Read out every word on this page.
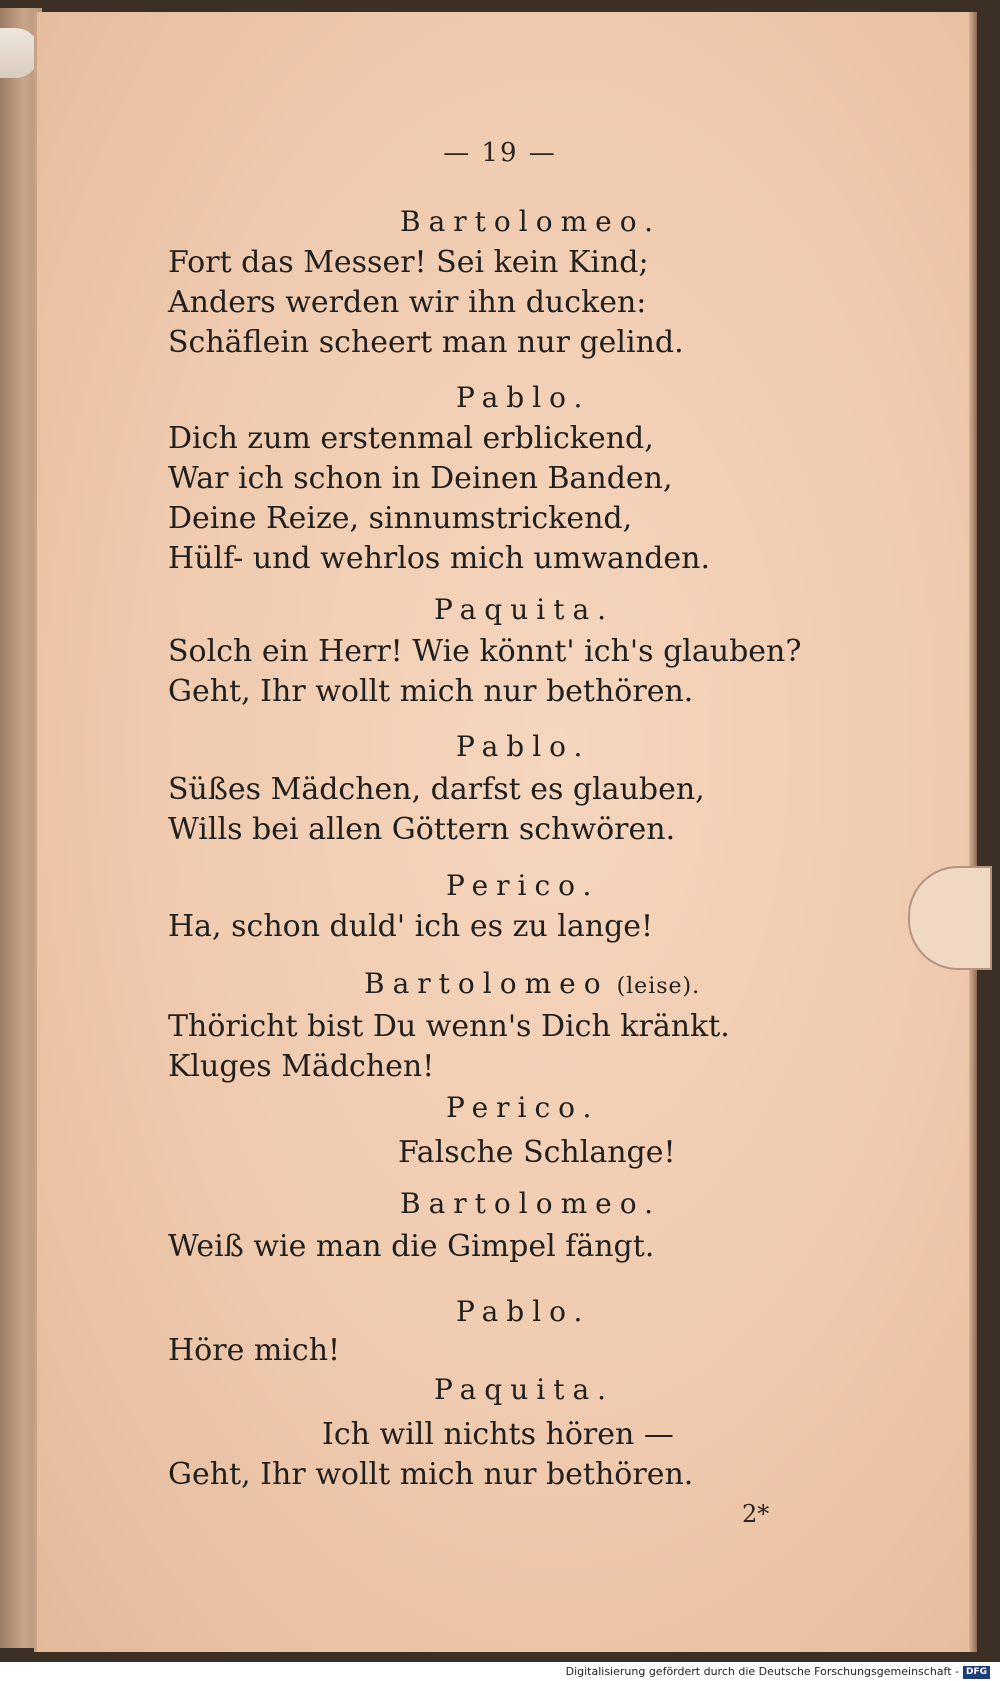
— 19 —
Bartolomeo.
Fort das Messer! Sei kein Kind;
Anders werden wir ihn ducken:
Schäflein scheert man nur gelind.
Pablo.
Dich zum erstenmal erblickend,
War ich schon in Deinen Banden,
Deine Reize, sinnumstrickend,
Hülf- und wehrlos mich umwanden.
Paquita.
Solch ein Herr! Wie könnt' ich's glauben?
Geht, Ihr wollt mich nur bethören.
Pablo.
Süßes Mädchen, darfst es glauben,
Wills bei allen Göttern schwören.
Perico.
Ha, schon duld' ich es zu lange!
Bartolomeo (leise).
Thöricht bist Du wenn's Dich kränkt.
Kluges Mädchen!
Perico.
Falsche Schlange!
Bartolomeo.
Weiß wie man die Gimpel fängt.
Pablo.
Höre mich!
Paquita.
Ich will nichts hören —
Geht, Ihr wollt mich nur bethören.
2*
Digitalisierung gefördert durch die Deutsche Forschungsgemeinschaft - DFG
